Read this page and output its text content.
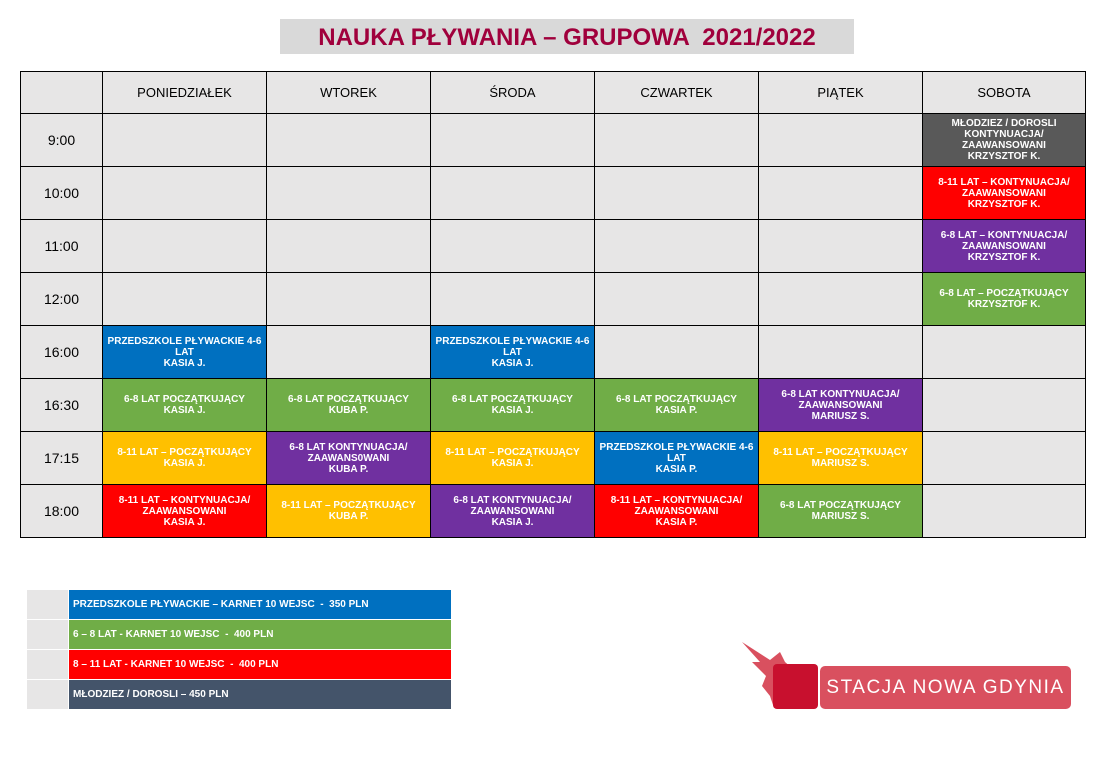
NAUKA PŁYWANIA – GRUPOWA  2021/2022
	PONIEDZIAŁEK	WTOREK	ŚRODA	CZWARTEK	PIĄTEK	SOBOTA
9:00						MŁODZIEZ / DOROSLI
KONTYNUACJA/
ZAAWANSOWANI
KRZYSZTOF K.
10:00						8-11 LAT – KONTYNUACJA/
ZAAWANSOWANI
KRZYSZTOF K.
11:00						6-8 LAT – KONTYNUACJA/
ZAAWANSOWANI
KRZYSZTOF K.
12:00						6-8 LAT – POCZĄTKUJĄCY
KRZYSZTOF K.
16:00	PRZEDSZKOLE PŁYWACKIE 4-6
LAT
KASIA J.		PRZEDSZKOLE PŁYWACKIE 4-6
LAT
KASIA J.			
16:30	6-8 LAT POCZĄTKUJĄCY
KASIA J.	6-8 LAT POCZĄTKUJĄCY
KUBA P.	6-8 LAT POCZĄTKUJĄCY
KASIA J.	6-8 LAT POCZĄTKUJĄCY
KASIA P.	6-8 LAT KONTYNUACJA/
ZAAWANSOWANI
MARIUSZ S.	
17:15	8-11 LAT – POCZĄTKUJĄCY
KASIA J.	6-8 LAT KONTYNUACJA/
ZAAWANS0WANI
KUBA P.	8-11 LAT – POCZĄTKUJĄCY
KASIA J.	PRZEDSZKOLE PŁYWACKIE 4-6
LAT
KASIA P.	8-11 LAT – POCZĄTKUJĄCY
MARIUSZ S.	
18:00	8-11 LAT – KONTYNUACJA/
ZAAWANSOWANI
KASIA J.	8-11 LAT – POCZĄTKUJĄCY
KUBA P.	6-8 LAT KONTYNUACJA/
ZAAWANSOWANI
KASIA J.	8-11 LAT – KONTYNUACJA/
ZAAWANSOWANI
KASIA P.	6-8 LAT POCZĄTKUJĄCY
MARIUSZ S.	
	PRZEDSZKOLE PŁYWACKIE – KARNET 10 WEJSC  -  350 PLN
	6 – 8 LAT - KARNET 10 WEJSC  -  400 PLN
	8 – 11 LAT - KARNET 10 WEJSC  -  400 PLN
	MŁODZIEZ / DOROSLI – 450 PLN	STACJA NOWA GDYNIA
